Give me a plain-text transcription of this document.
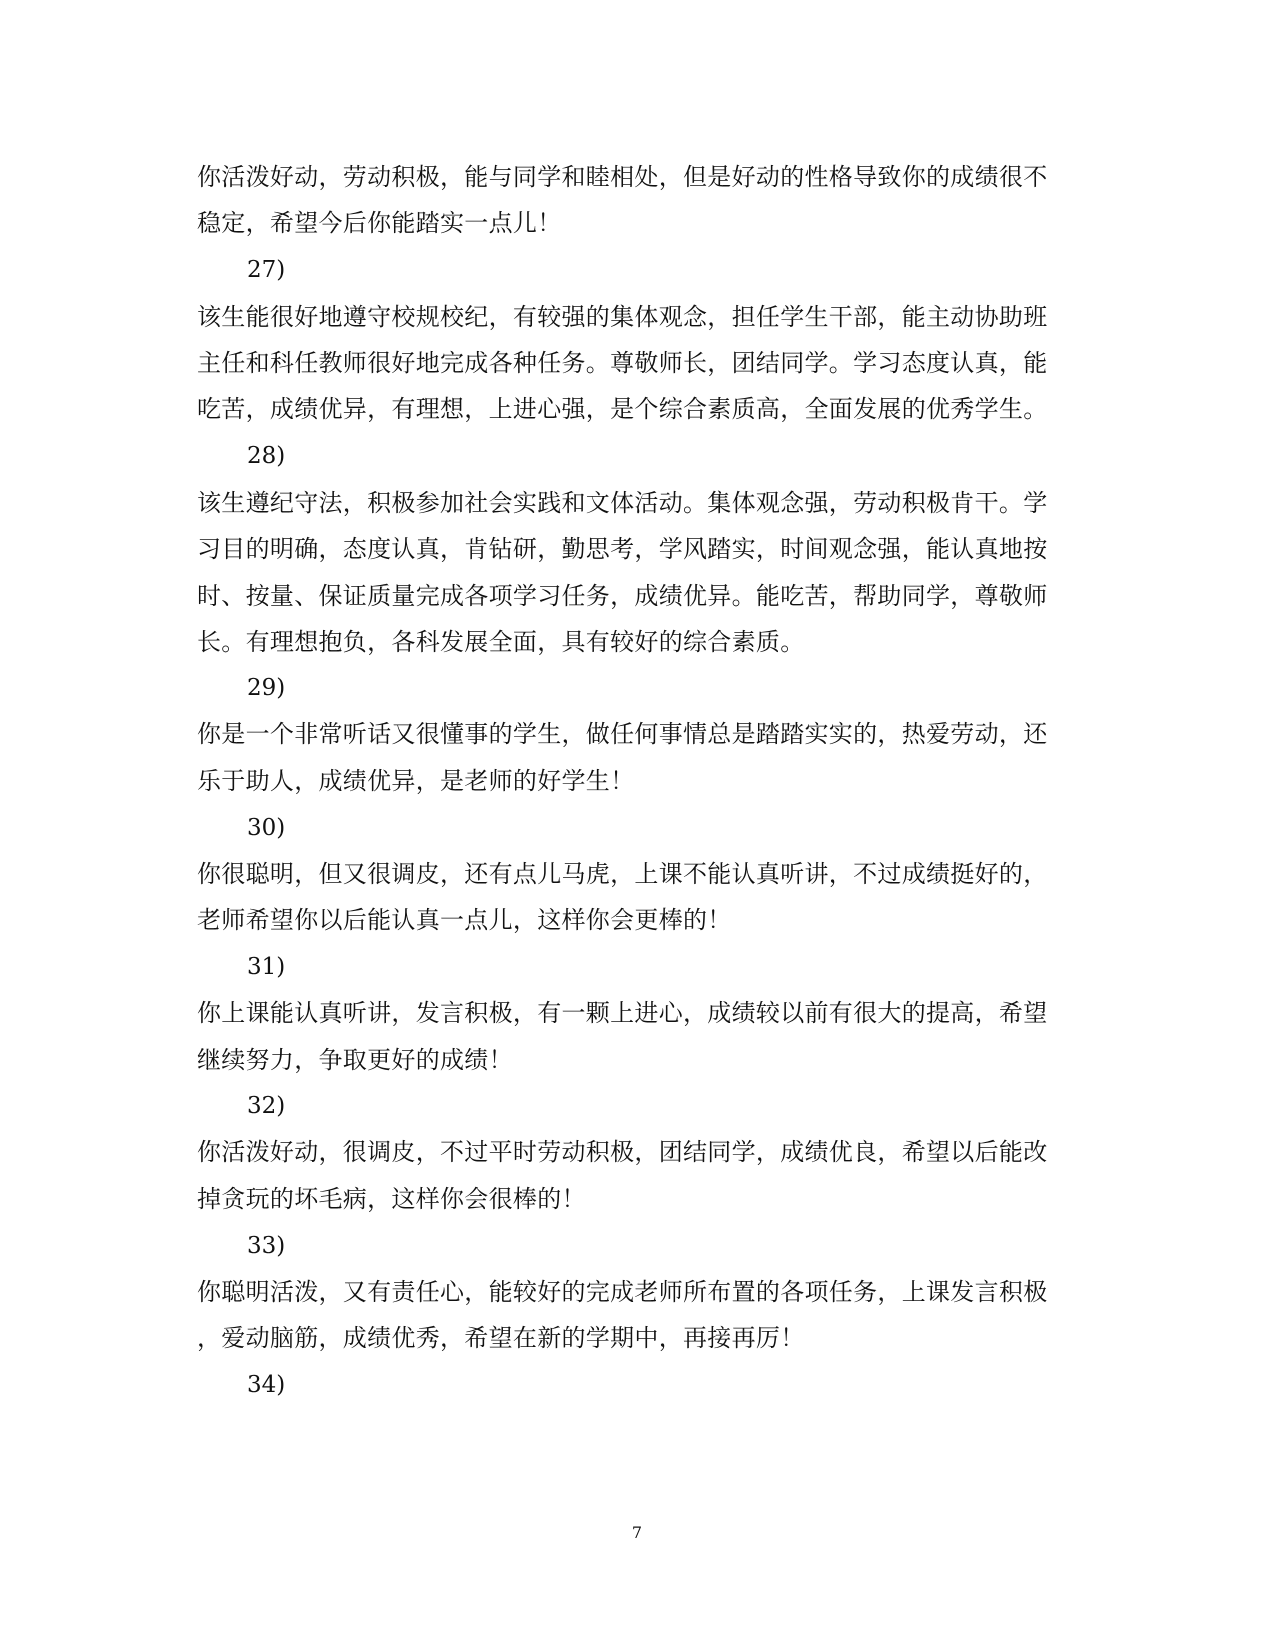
你活泼好动，劳动积极，能与同学和睦相处，但是好动的性格导致你的成绩很不
稳定，希望今后你能踏实一点儿！
27)
该生能很好地遵守校规校纪，有较强的集体观念，担任学生干部，能主动协助班
主任和科任教师很好地完成各种任务。尊敬师长，团结同学。学习态度认真，能
吃苦，成绩优异，有理想，上进心强，是个综合素质高，全面发展的优秀学生。
28)
该生遵纪守法，积极参加社会实践和文体活动。集体观念强，劳动积极肯干。学
习目的明确，态度认真，肯钻研，勤思考，学风踏实，时间观念强，能认真地按
时、按量、保证质量完成各项学习任务，成绩优异。能吃苦，帮助同学，尊敬师
长。有理想抱负，各科发展全面，具有较好的综合素质。
29)
你是一个非常听话又很懂事的学生，做任何事情总是踏踏实实的，热爱劳动，还
乐于助人，成绩优异，是老师的好学生！
30)
你很聪明，但又很调皮，还有点儿马虎，上课不能认真听讲，不过成绩挺好的，
老师希望你以后能认真一点儿，这样你会更棒的！
31)
你上课能认真听讲，发言积极，有一颗上进心，成绩较以前有很大的提高，希望
继续努力，争取更好的成绩！
32)
你活泼好动，很调皮，不过平时劳动积极，团结同学，成绩优良，希望以后能改
掉贪玩的坏毛病，这样你会很棒的！
33)
你聪明活泼，又有责任心，能较好的完成老师所布置的各项任务，上课发言积极
，爱动脑筋，成绩优秀，希望在新的学期中，再接再厉！
34)
7
